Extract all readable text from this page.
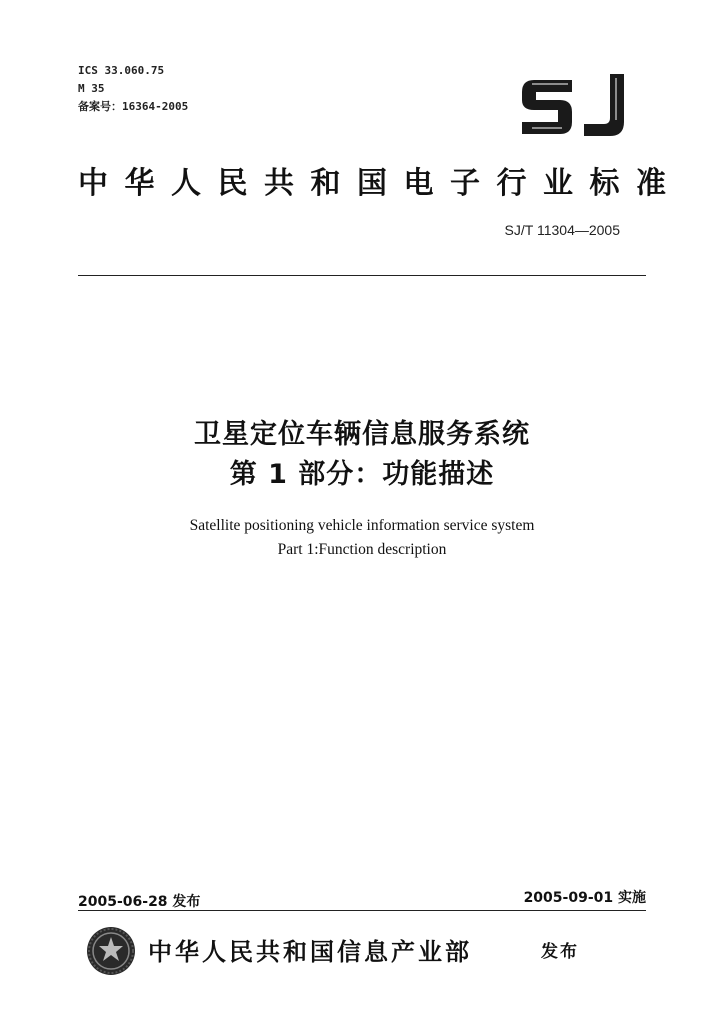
ICS 33.060.75
M 35
备案号：16364-2005
中华人民共和国电子行业标准
SJ/T 11304—2005
卫星定位车辆信息服务系统
第 1 部分：功能描述
Satellite positioning vehicle information service system
Part 1:Function description
2005-06-28 发布	2005-09-01 实施
中华人民共和国信息产业部	发布
